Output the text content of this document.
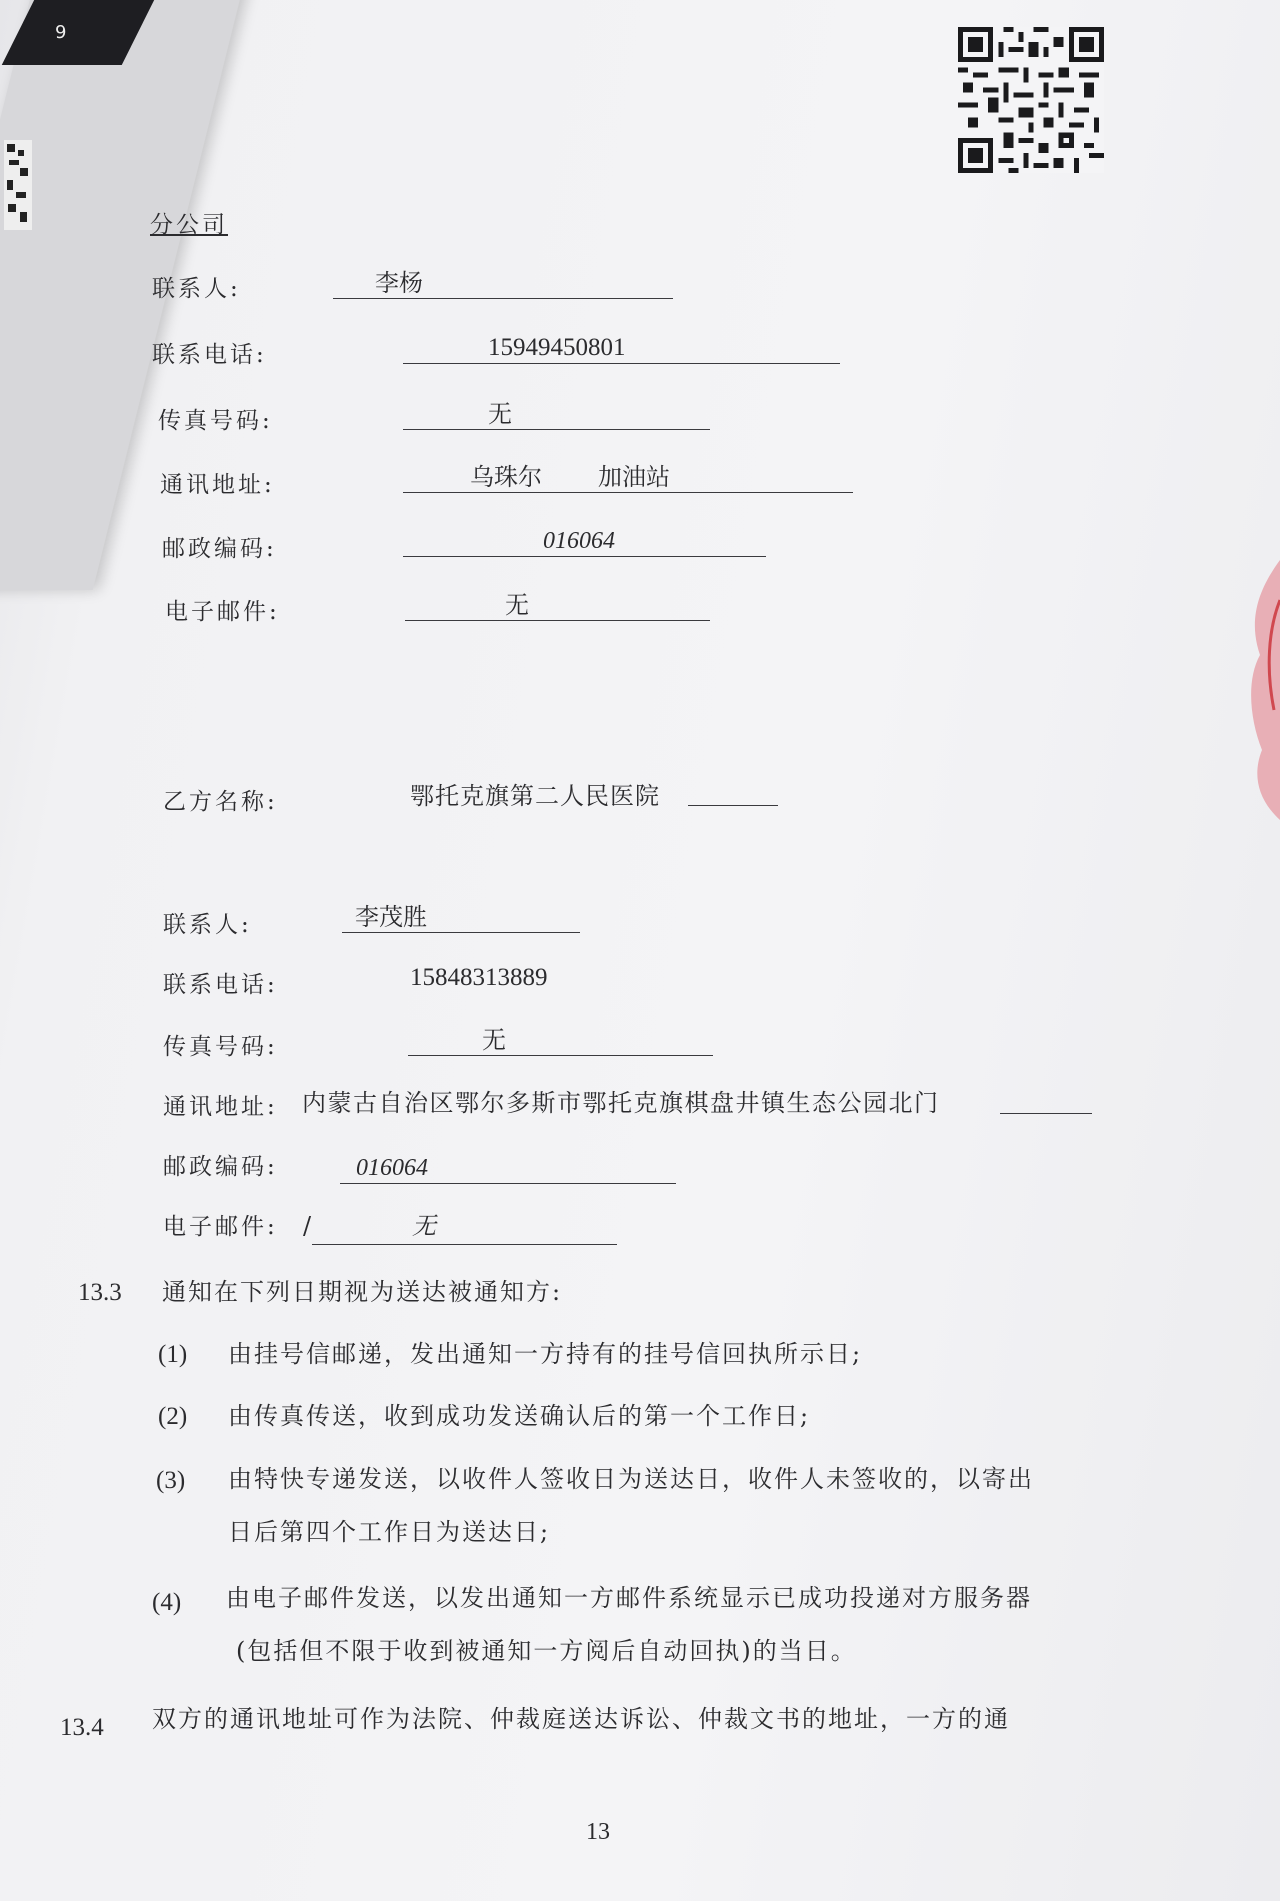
9
分公司
联系人:	李杨
联系电话:	15949450801
传真号码:	无
通讯地址:	乌珠尔 加油站
邮政编码:	016064
电子邮件:	无
乙方名称:	鄂托克旗第二人民医院
联系人:	李茂胜
联系电话:	15848313889
传真号码:	无
通讯地址: 内蒙古自治区鄂尔多斯市鄂托克旗棋盘井镇生态公园北门
邮政编码:	016064
电子邮件: /	无
13.3 通知在下列日期视为送达被通知方:
(1) 由挂号信邮递，发出通知一方持有的挂号信回执所示日;
(2) 由传真传送，收到成功发送确认后的第一个工作日;
(3) 由特快专递发送，以收件人签收日为送达日，收件人未签收的，以寄出
日后第四个工作日为送达日;
(4) 由电子邮件发送，以发出通知一方邮件系统显示已成功投递对方服务器
(包括但不限于收到被通知一方阅后自动回执)的当日。
13.4 双方的通讯地址可作为法院、仲裁庭送达诉讼、仲裁文书的地址，一方的通
13
